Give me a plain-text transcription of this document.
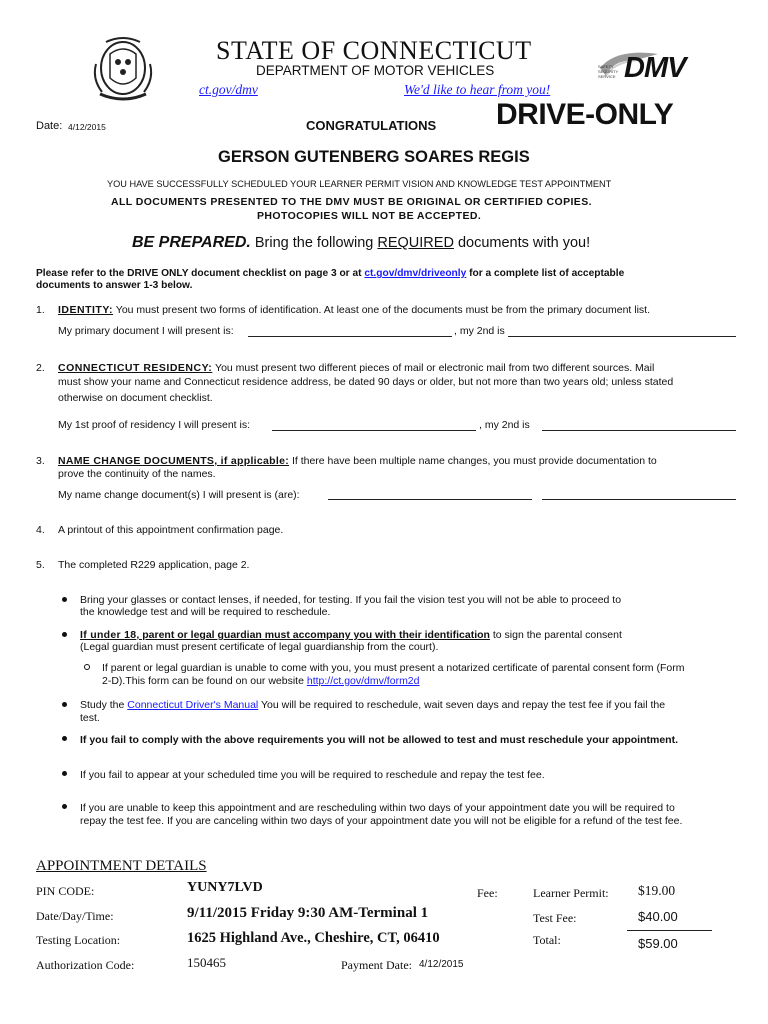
STATE OF CONNECTICUT
DEPARTMENT OF MOTOR VEHICLES
ct.gov/dmv	We'd like to hear from you!
SAFETY SECURITY SERVICE DMV
Date: 4/12/2015	CONGRATULATIONS DRIVE-ONLY
GERSON GUTENBERG SOARES REGIS
YOU HAVE SUCCESSFULLY SCHEDULED YOUR LEARNER PERMIT VISION AND KNOWLEDGE TEST APPOINTMENT
ALL DOCUMENTS PRESENTED TO THE DMV MUST BE ORIGINAL OR CERTIFIED COPIES.
PHOTOCOPIES WILL NOT BE ACCEPTED.
BE PREPARED. Bring the following REQUIRED documents with you!
Please refer to the DRIVE ONLY document checklist on page 3 or at ct.gov/dmv/driveonly for a complete list of acceptable
documents to answer 1-3 below.
1. IDENTITY: You must present two forms of identification. At least one of the documents must be from the primary document list.
My primary document I will present is:	, my 2nd is
2. CONNECTICUT RESIDENCY: You must present two different pieces of mail or electronic mail from two different sources. Mail
must show your name and Connecticut residence address, be dated 90 days or older, but not more than two years old; unless stated
otherwise on document checklist.
My 1st proof of residency I will present is:	, my 2nd is
3. NAME CHANGE DOCUMENTS, if applicable: If there have been multiple name changes, you must provide documentation to
prove the continuity of the names.
My name change document(s) I will present is (are):
4. A printout of this appointment confirmation page.
5. The completed R229 application, page 2.
Bring your glasses or contact lenses, if needed, for testing. If you fail the vision test you will not be able to proceed to
the knowledge test and will be required to reschedule.
If under 18, parent or legal guardian must accompany you with their identification to sign the parental consent
(Legal guardian must present certificate of legal guardianship from the court).
If parent or legal guardian is unable to come with you, you must present a notarized certificate of parental consent form (Form
2-D).This form can be found on our website http://ct.gov/dmv/form2d
Study the Connecticut Driver's Manual You will be required to reschedule, wait seven days and repay the test fee if you fail the
test.
If you fail to comply with the above requirements you will not be allowed to test and must reschedule your appointment.
If you fail to appear at your scheduled time you will be required to reschedule and repay the test fee.
If you are unable to keep this appointment and are rescheduling within two days of your appointment date you will be required to
repay the test fee. If you are canceling within two days of your appointment date you will not be eligible for a refund of the test fee.
APPOINTMENT DETAILS
PIN CODE:	YUNY7LVD
Date/Day/Time:	9/11/2015 Friday 9:30 AM-Terminal 1
Testing Location:	1625 Highland Ave., Cheshire, CT, 06410
Authorization Code:	150465	Payment Date: 4/12/2015
Fee:	Learner Permit: $19.00
Test Fee:	$40.00
Total:	$59.00
